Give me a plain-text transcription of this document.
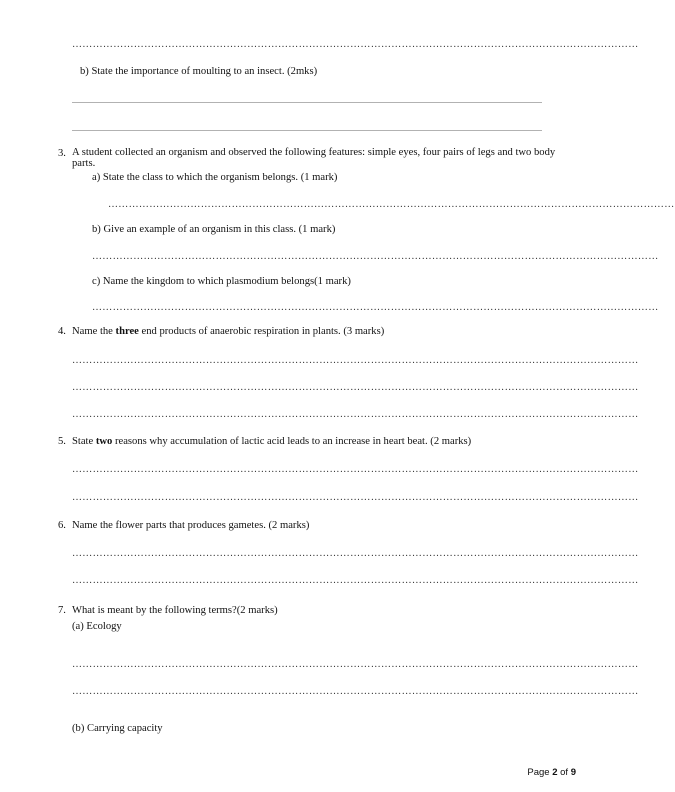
…………………………………………………………………………………………………………………………………………………
b) State the importance of moulting to an insect. (2mks)
...........................................................................................................................................................................................................................................
...........................................................................................................................................................................................................................................
3. A student collected an organism and observed the following features: simple eyes, four pairs of legs and two body parts.
a) State the class to which the organism belongs. (1 mark)
…………………………………………………………………………………………………………………………………………………
b) Give an example of an organism in this class. (1 mark)
…………………………………………………………………………………………………………………………………………………
c) Name the kingdom to which plasmodium belongs(1 mark)
…………………………………………………………………………………………………………………………………………………
4. Name the three end products of anaerobic respiration in plants. (3 marks)
…………………………………………………………………………………………………………………………………………………
…………………………………………………………………………………………………………………………………………………
…………………………………………………………………………………………………………………………………………………
5. State two reasons why accumulation of lactic acid leads to an increase in heart beat. (2 marks)
…………………………………………………………………………………………………………………………………………………
…………………………………………………………………………………………………………………………………………………
6. Name the flower parts that produces gametes. (2 marks)
…………………………………………………………………………………………………………………………………………………
…………………………………………………………………………………………………………………………………………………
7. What is meant by the following terms?(2 marks)
(a) Ecology
…………………………………………………………………………………………………………………………………………………
…………………………………………………………………………………………………………………………………………………
(b) Carrying capacity
Page 2 of 9
